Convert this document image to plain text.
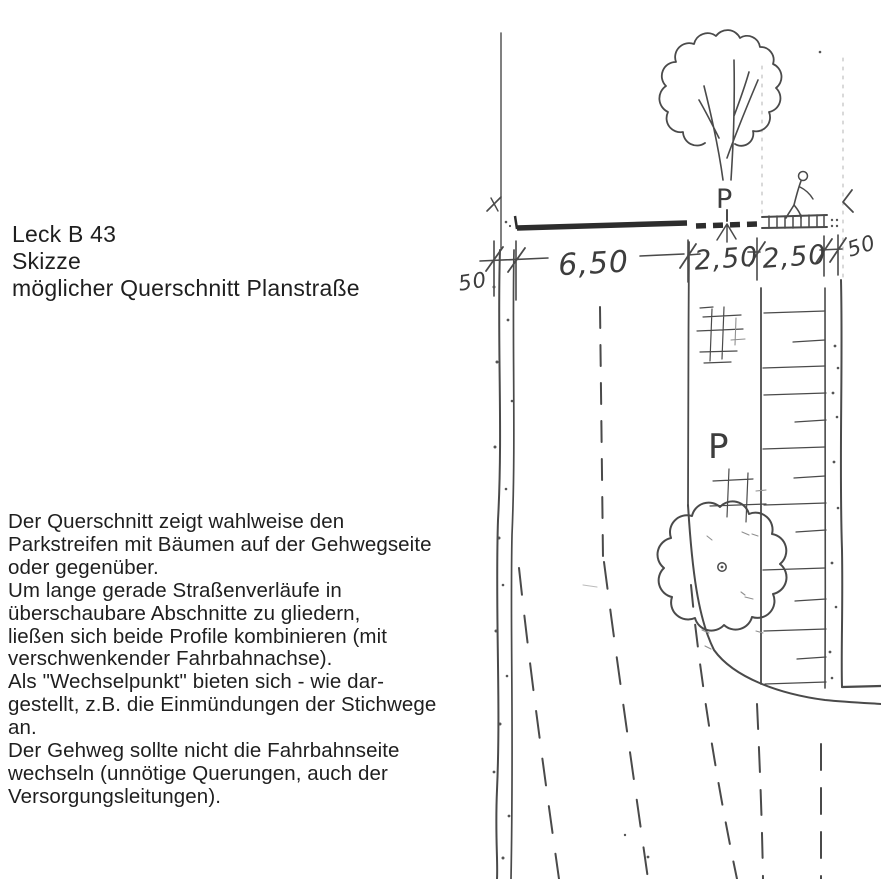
Leck B 43
Skizze
möglicher Querschnitt Planstraße
Der Querschnitt zeigt wahlweise den
Parkstreifen mit Bäumen auf der Gehwegseite
oder gegenüber.
Um lange gerade Straßenverläufe in
überschaubare Abschnitte zu gliedern,
ließen sich beide Profile kombinieren (mit
verschwenkender Fahrbahnachse).
Als "Wechselpunkt" bieten sich - wie dar-
gestellt, z.B. die Einmündungen der Stichwege
an.
Der Gehweg sollte nicht die Fahrbahnseite
wechseln (unnötige Querungen, auch der
Versorgungsleitungen).
P
50 6,50 2,50 2,50 50
P
